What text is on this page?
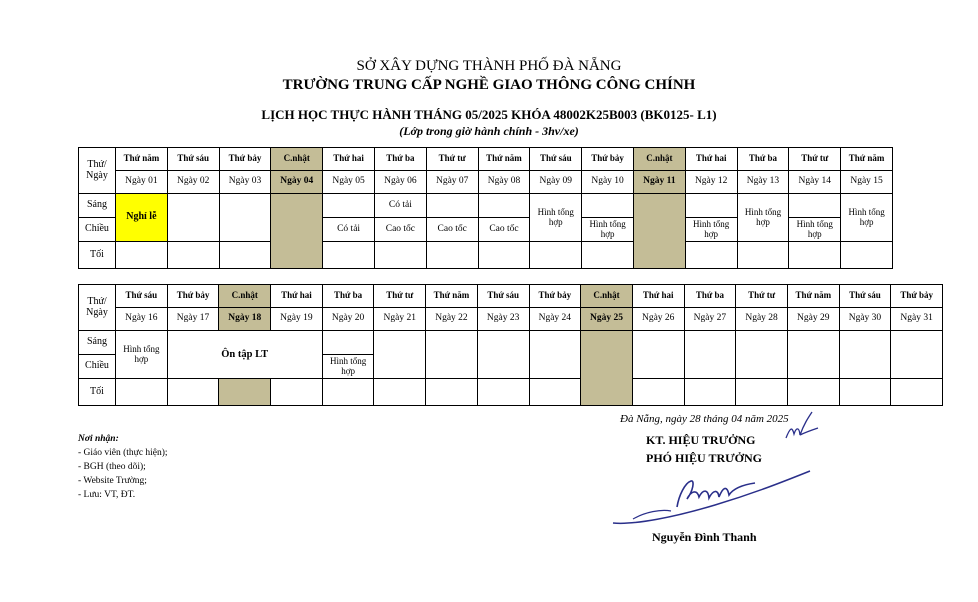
SỞ XÂY DỰNG THÀNH PHỐ ĐÀ NẴNG
TRƯỜNG TRUNG CẤP NGHỀ GIAO THÔNG CÔNG CHÍNH
LỊCH HỌC THỰC HÀNH THÁNG 05/2025 KHÓA 48002K25B003 (BK0125- L1)
(Lớp trong giờ hành chính - 3hv/xe)
Thứ/ Ngày	Thứ năm	Thứ sáu	Thứ bảy	C.nhật	Thứ hai	Thứ ba	Thứ tư	Thứ năm	Thứ sáu	Thứ bảy	C.nhật	Thứ hai	Thứ ba	Thứ tư	Thứ năm
	Ngày 01	Ngày 02	Ngày 03	Ngày 04	Ngày 05	Ngày 06	Ngày 07	Ngày 08	Ngày 09	Ngày 10	Ngày 11	Ngày 12	Ngày 13	Ngày 14	Ngày 15
Sáng	Nghỉ lễ					Có tải			Hình tổng hợp				Hình tổng hợp		Hình tổng hợp
Chiều					Có tải	Cao tốc	Cao tốc	Cao tốc		Hình tổng hợp		Hình tổng hợp		Hình tổng hợp	
Tối															
Thứ/ Ngày	Thứ sáu	Thứ bảy	C.nhật	Thứ hai	Thứ ba	Thứ tư	Thứ năm	Thứ sáu	Thứ bảy	C.nhật	Thứ hai	Thứ ba	Thứ tư	Thứ năm	Thứ sáu	Thứ bảy
	Ngày 16	Ngày 17	Ngày 18	Ngày 19	Ngày 20	Ngày 21	Ngày 22	Ngày 23	Ngày 24	Ngày 25	Ngày 26	Ngày 27	Ngày 28	Ngày 29	Ngày 30	Ngày 31
Sáng	Hình tổng hợp	Ôn tập LT														
Chiều					Hình tổng hợp											
Tối																
Nơi nhận:
- Giáo viên (thực hiện);
- BGH (theo dõi);
- Website Trường;
- Lưu: VT, ĐT.
Đà Nẵng, ngày 28 tháng 04 năm 2025
KT. HIỆU TRƯỞNG
PHÓ HIỆU TRƯỞNG
Nguyễn Đình Thanh
